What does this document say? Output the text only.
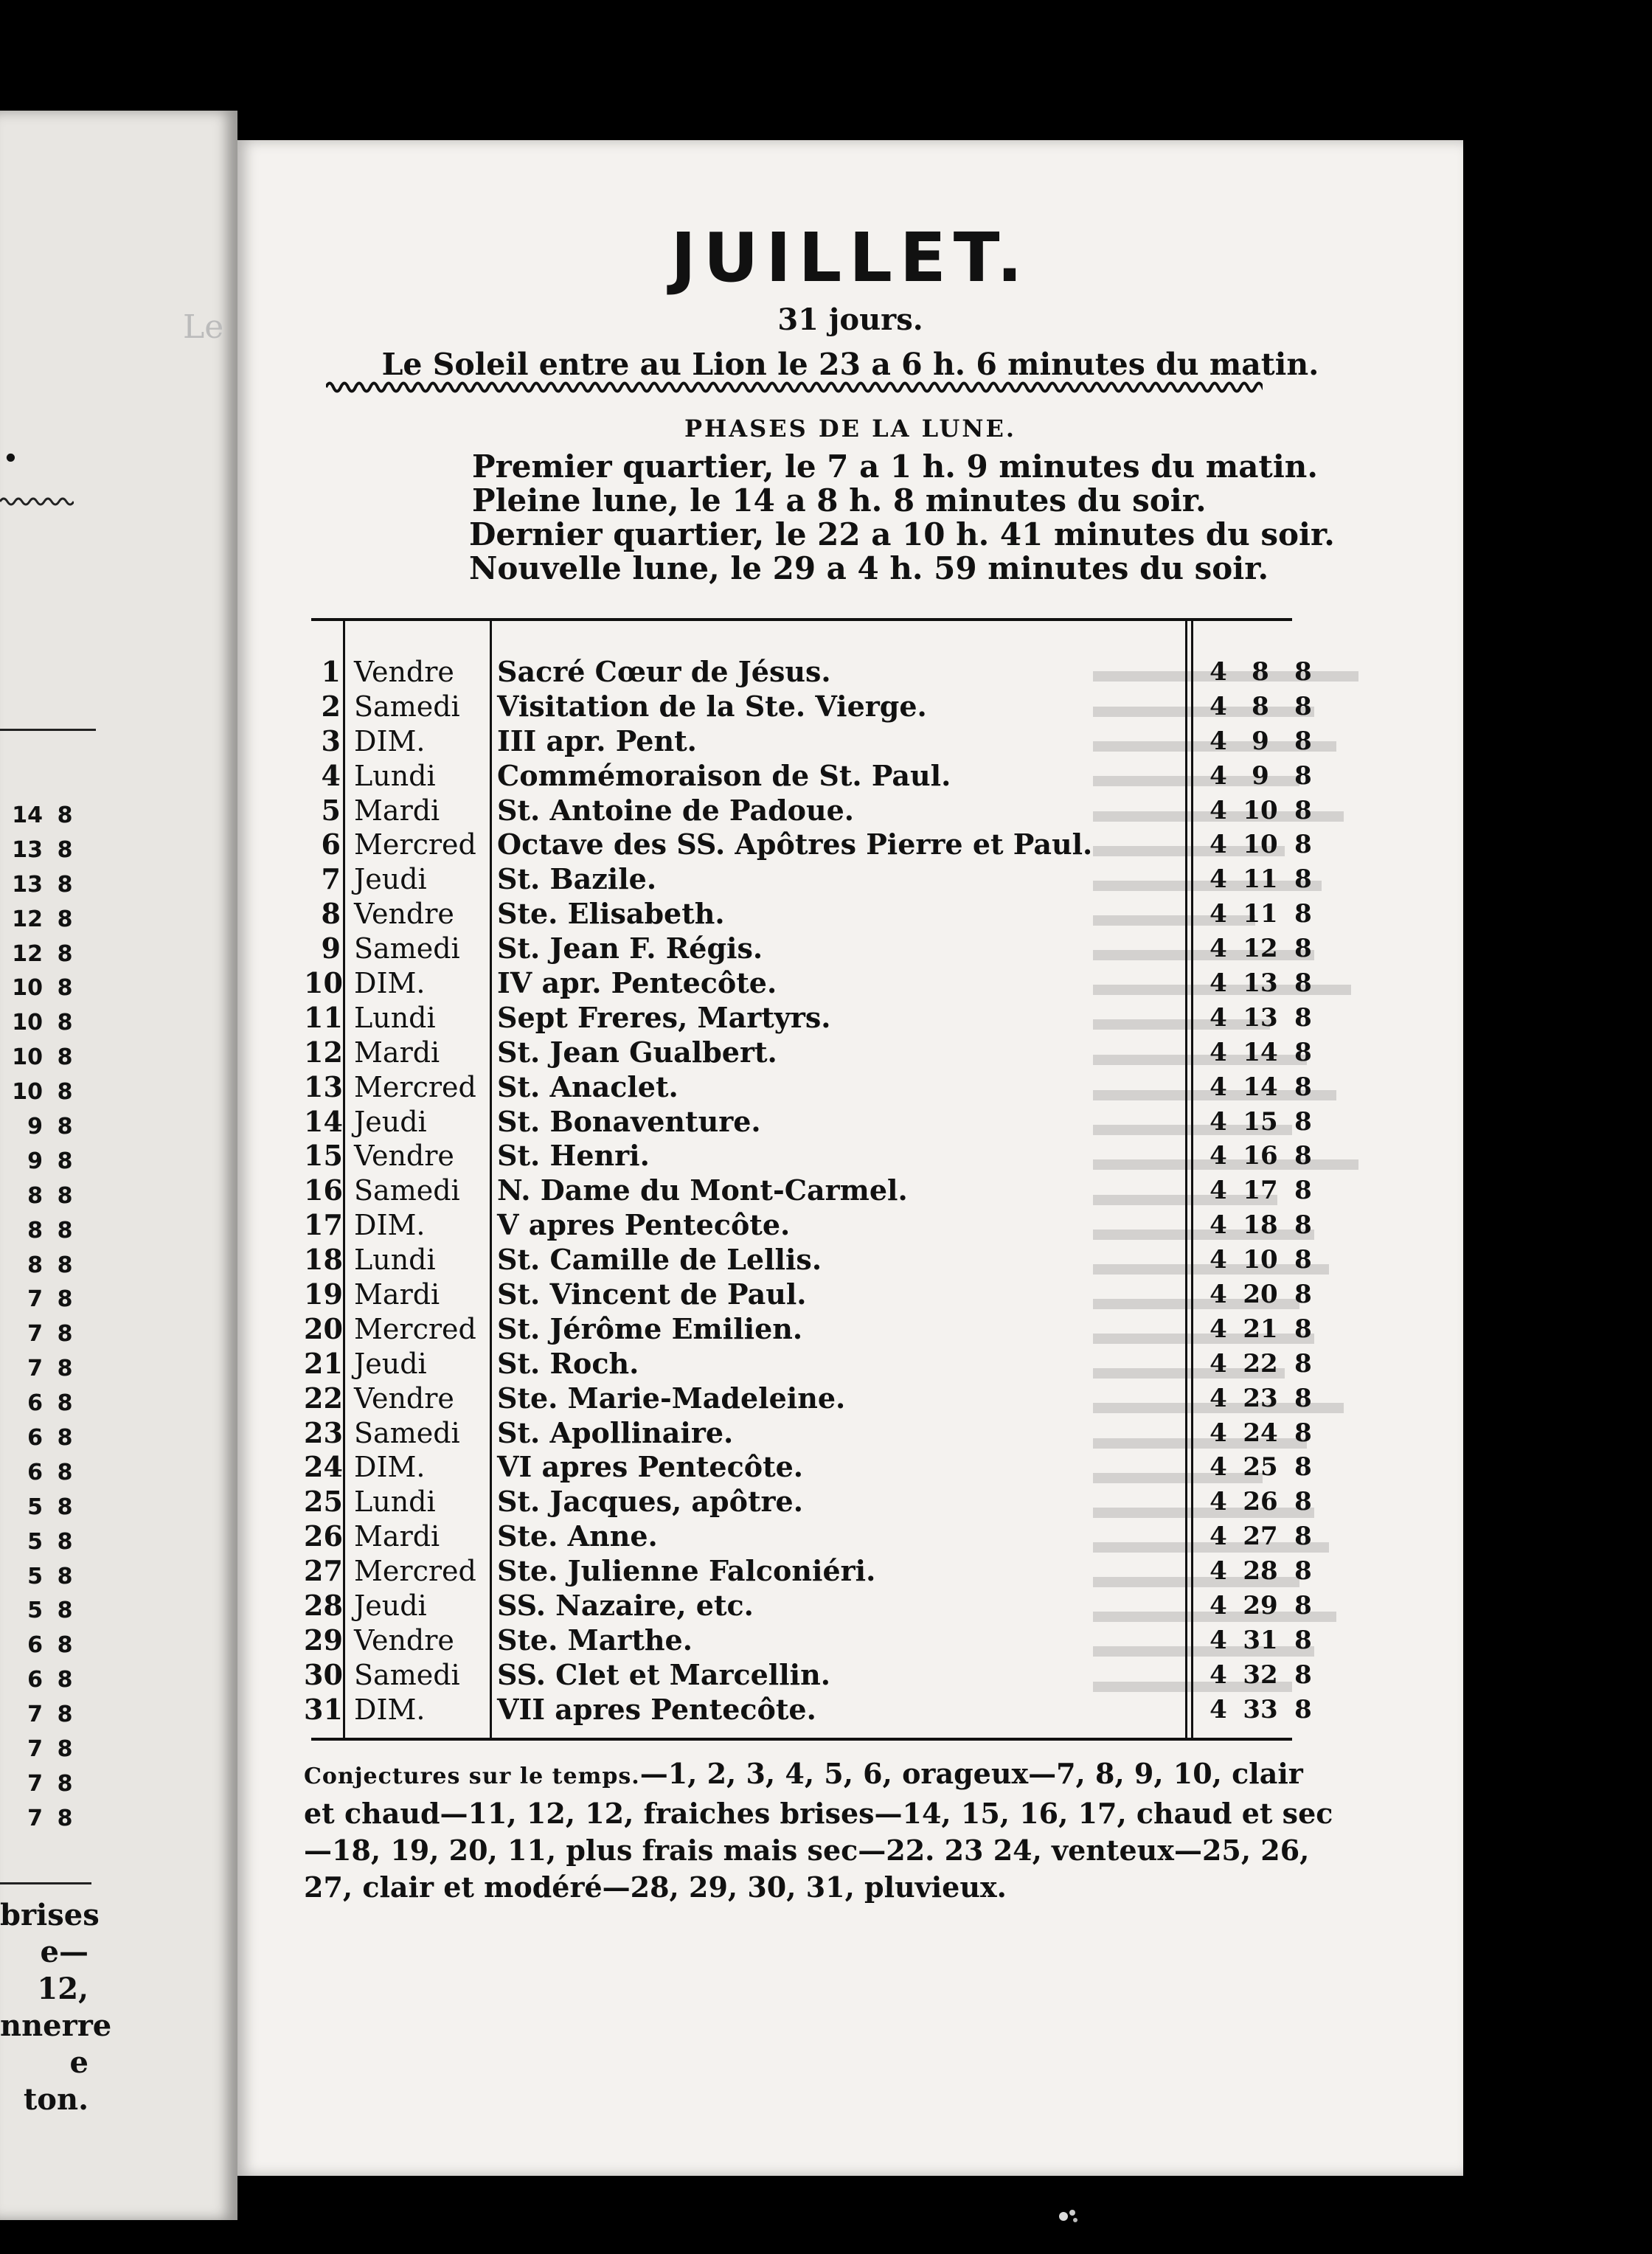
Le
.
14 8
13 8
13 8
12 8
12 8
10 8
10 8
10 8
10 8
9 8
9 8
8 8
8 8
8 8
7 8
7 8
7 8
6 8
6 8
6 8
5 8
5 8
5 8
5 8
6 8
6 8
7 8
7 8
7 8
7 8
brises
e—12,
nnerre
e ton.
JUILLET.
31 jours.
Le Soleil entre au Lion le 23 a 6 h. 6 minutes du matin.
PHASES DE LA LUNE.
Premier quartier, le 7 a 1 h. 9 minutes du matin.
Pleine lune, le 14 a 8 h. 8 minutes du soir.
Dernier quartier, le 22 a 10 h. 41 minutes du soir.
Nouvelle lune, le 29 a 4 h. 59 minutes du soir.
1 Vendre Sacré Cœur de Jésus.	4 8	8
2 Samedi Visitation de la Ste. Vierge.	4 8	8
3 DIM.	III apr. Pent.	4 9	8
4 Lundi Commémoraison de St. Paul.	4 9	8
5 Mardi St. Antoine de Padoue.	4 10 8
6 Mercred Octave des SS. Apôtres Pierre et Paul.	4 10 8
7 Jeudi	St. Bazile.	4 11 8
8 Vendre Ste. Elisabeth.	4 11 8
9 Samedi St. Jean F. Régis.	4 12 8
10 DIM.	IV apr. Pentecôte.	4 13 8
11 Lundi Sept Freres, Martyrs.	4 13 8
12 Mardi St. Jean Gualbert.	4 14 8
13 Mercred St. Anaclet.	4 14 8
14 Jeudi	St. Bonaventure.	4 15 8
15 Vendre St. Henri.	4 16 8
16 Samedi N. Dame du Mont-Carmel.	4 17 8
17 DIM.	V apres Pentecôte.	4 18 8
18 Lundi St. Camille de Lellis.	4 10 8
19 Mardi St. Vincent de Paul.	4 20 8
20 Mercred St. Jérôme Emilien.	4 21 8
21 Jeudi	St. Roch.	4 22 8
22 Vendre Ste. Marie-Madeleine.	4 23 8
23 Samedi St. Apollinaire.	4 24 8
24 DIM.	VI apres Pentecôte.	4 25 8
25 Lundi St. Jacques, apôtre.	4 26 8
26 Mardi Ste. Anne.	4 27 8
27 Mercred Ste. Julienne Falconiéri.	4 28 8
28 Jeudi	SS. Nazaire, etc.	4 29 8
29 Vendre Ste. Marthe.	4 31 8
30 Samedi SS. Clet et Marcellin.	4 32 8
31 DIM.	VII apres Pentecôte.	4 33 8
Conjectures sur le temps.—1, 2, 3, 4, 5, 6, orageux—7, 8, 9, 10, clair et chaud—11, 12, 12, fraiches brises—14, 15, 16, 17, chaud et sec—18, 19, 20, 11, plus frais mais sec—22. 23 24, venteux—25, 26, 27, clair et modéré—28, 29, 30, 31, pluvieux.
